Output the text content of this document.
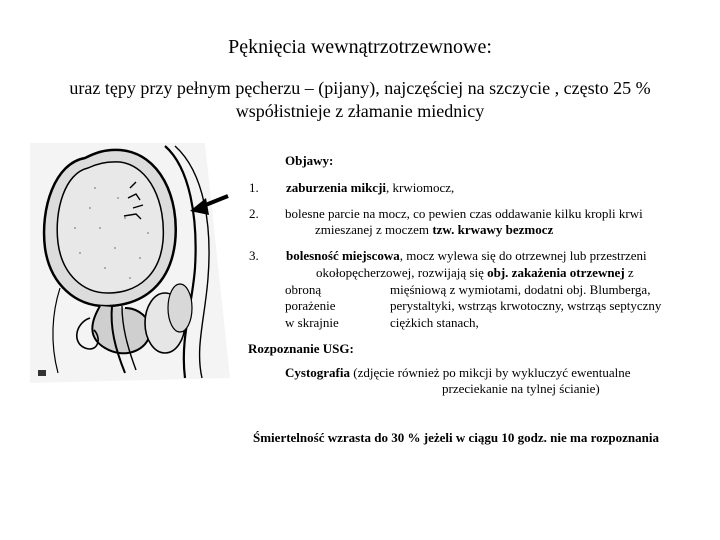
Pęknięcia wewnątrzotrzewnowe:
uraz tępy przy pełnym pęcherzu – (pijany), najczęściej na szczycie , często 25 %
współistnieje z złamanie miednicy
Objawy:
1. zaburzenia mikcji, krwiomocz,
2. bolesne parcie na mocz, co pewien czas oddawanie kilku kropli krwi
zmieszanej z moczem tzw. krwawy bezmocz
3. bolesność miejscowa, mocz wylewa się do otrzewnej lub przestrzeni
okołopęcherzowej, rozwijają się obj. zakażenia otrzewnej z
obroną	mięśniową z wymiotami, dodatni obj. Blumberga,
porażenie	perystaltyki, wstrząs krwotoczny, wstrząs septyczny
w skrajnie	ciężkich stanach,
Rozpoznanie USG:
Cystografia (zdjęcie również po mikcji by wykluczyć ewentualne
przeciekanie na tylnej ścianie)
Śmiertelność wzrasta do 30 % jeżeli w ciągu 10 godz. nie ma rozpoznania
